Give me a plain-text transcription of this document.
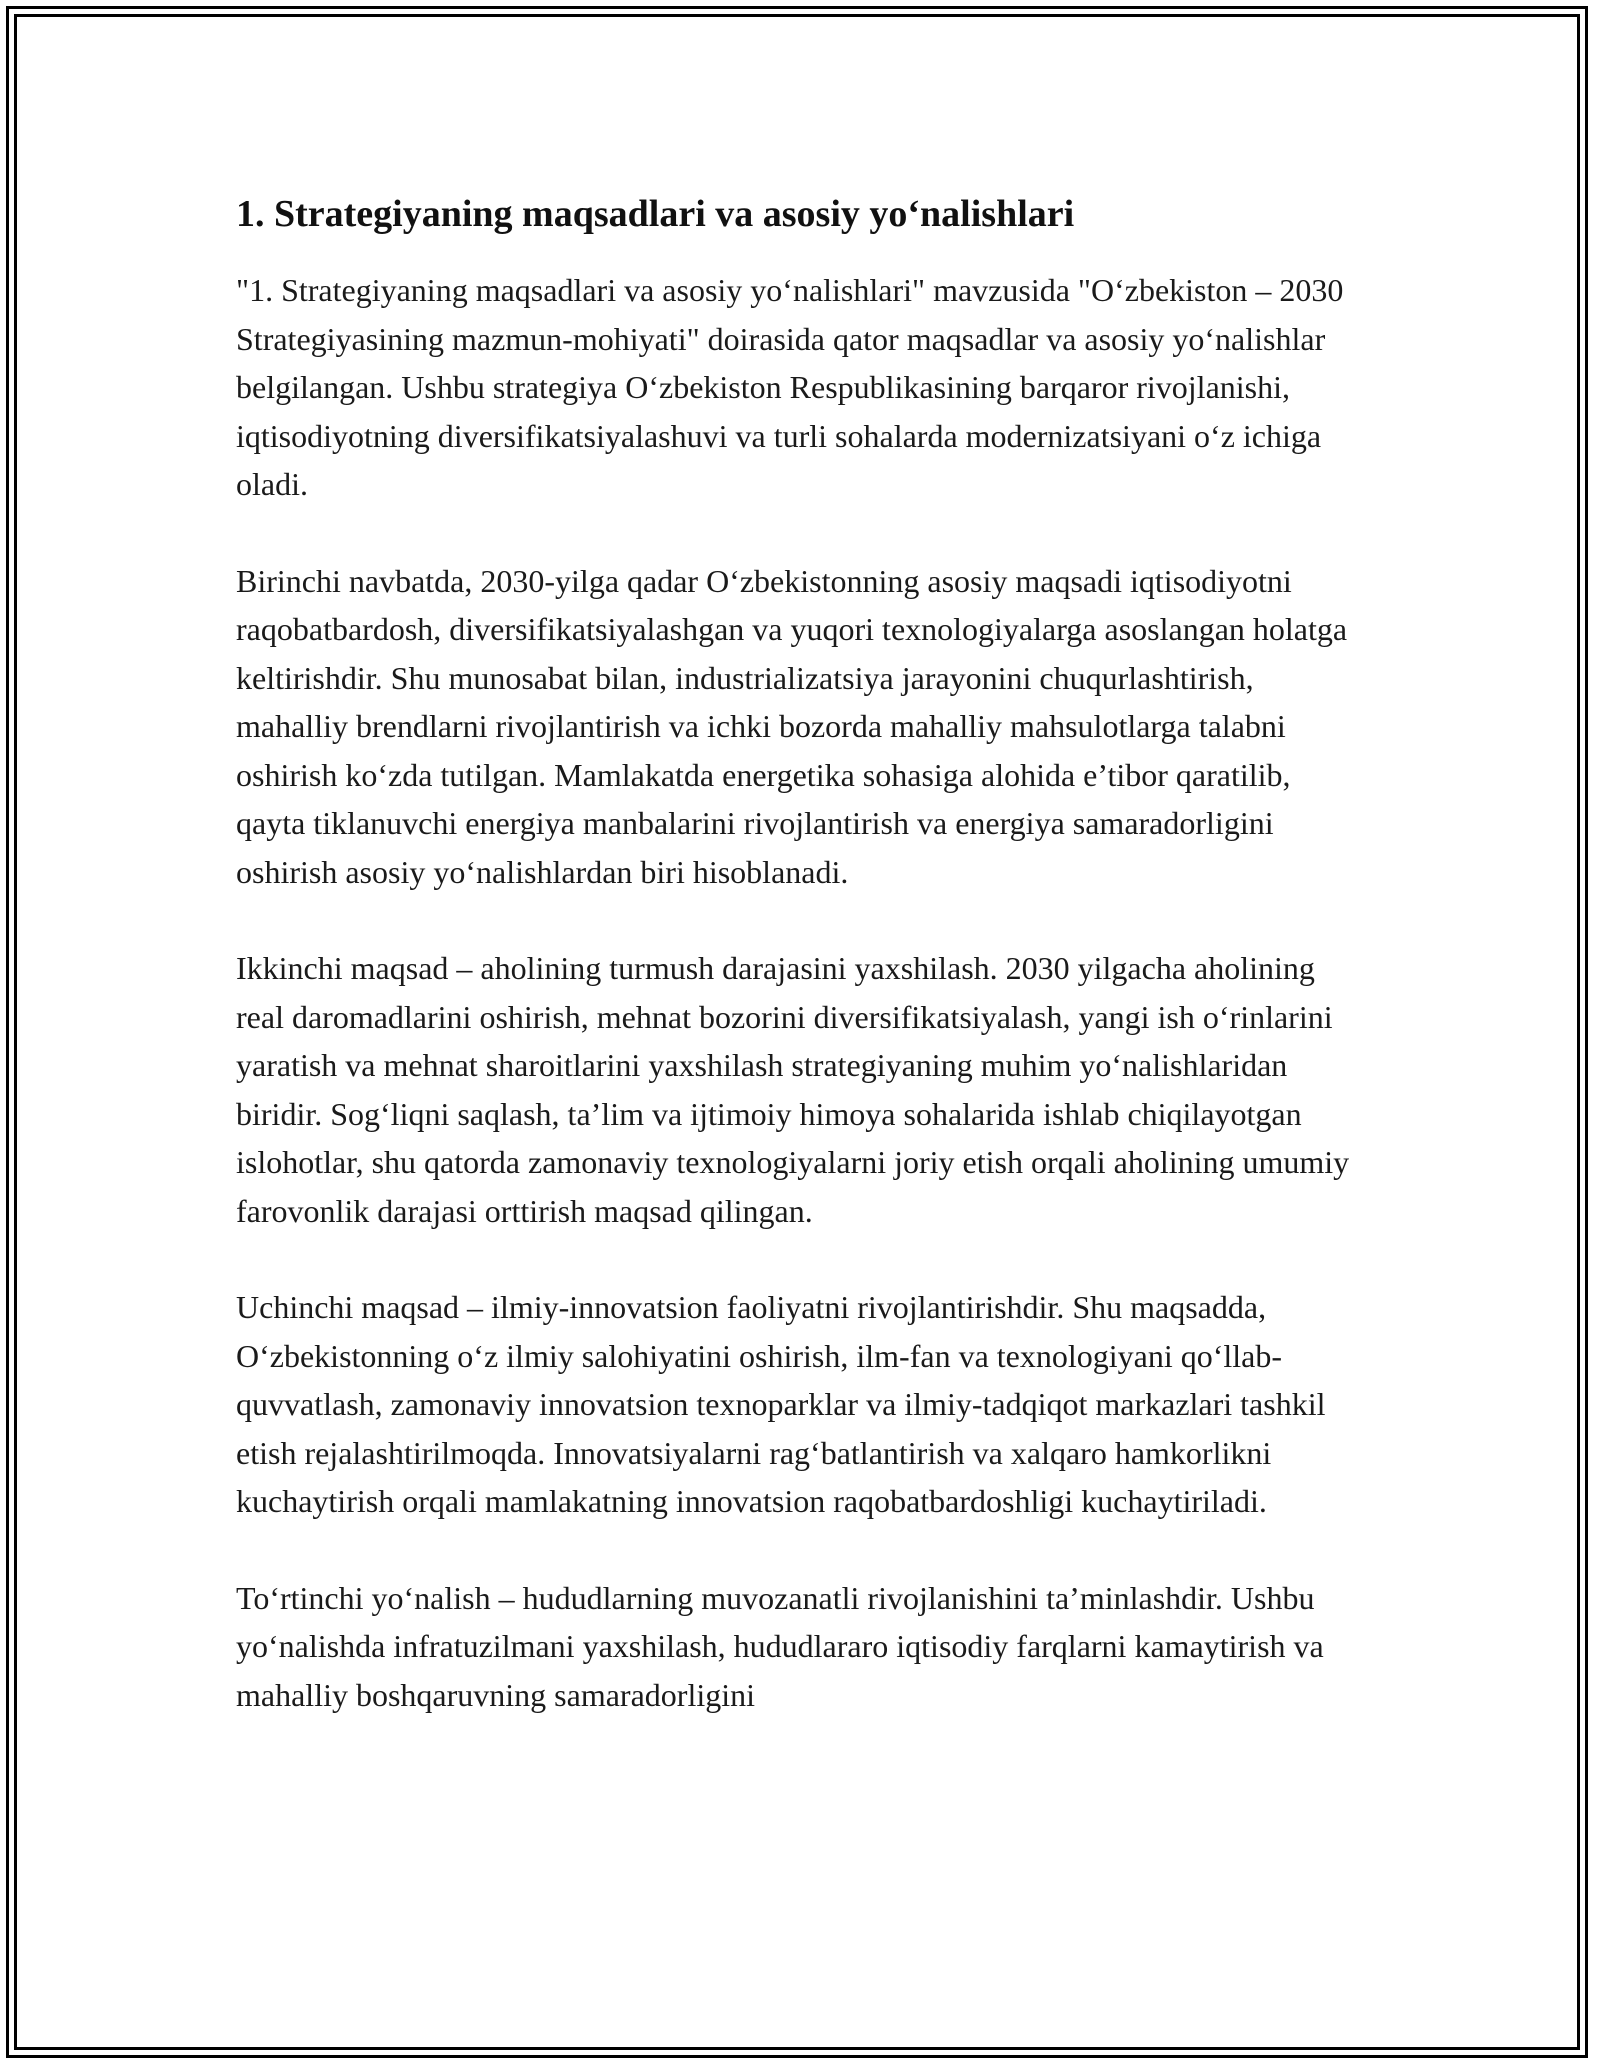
1. Strategiyaning maqsadlari va asosiy yo‘nalishlari

"1. Strategiyaning maqsadlari va asosiy yo‘nalishlari" mavzusida "O‘zbekiston – 2030 Strategiyasining mazmun-mohiyati" doirasida qator maqsadlar va asosiy yo‘nalishlar belgilangan. Ushbu strategiya O‘zbekiston Respublikasining barqaror rivojlanishi, iqtisodiyotning diversifikatsiyalashuvi va turli sohalarda modernizatsiyani o‘z ichiga oladi.

Birinchi navbatda, 2030-yilga qadar O‘zbekistonning asosiy maqsadi iqtisodiyotni raqobatbardosh, diversifikatsiyalashgan va yuqori texnologiyalarga asoslangan holatga keltirishdir. Shu munosabat bilan, industrializatsiya jarayonini chuqurlashtirish, mahalliy brendlarni rivojlantirish va ichki bozorda mahalliy mahsulotlarga talabni oshirish ko‘zda tutilgan. Mamlakatda energetika sohasiga alohida e’tibor qaratilib, qayta tiklanuvchi energiya manbalarini rivojlantirish va energiya samaradorligini oshirish asosiy yo‘nalishlardan biri hisoblanadi.

Ikkinchi maqsad – aholining turmush darajasini yaxshilash. 2030 yilgacha aholining real daromadlarini oshirish, mehnat bozorini diversifikatsiyalash, yangi ish o‘rinlarini yaratish va mehnat sharoitlarini yaxshilash strategiyaning muhim yo‘nalishlaridan biridir. Sog‘liqni saqlash, ta’lim va ijtimoiy himoya sohalarida ishlab chiqilayotgan islohotlar, shu qatorda zamonaviy texnologiyalarni joriy etish orqali aholining umumiy farovonlik darajasi orttirish maqsad qilingan.

Uchinchi maqsad – ilmiy-innovatsion faoliyatni rivojlantirishdir. Shu maqsadda, O‘zbekistonning o‘z ilmiy salohiyatini oshirish, ilm-fan va texnologiyani qo‘llab-quvvatlash, zamonaviy innovatsion texnoparklar va ilmiy-tadqiqot markazlari tashkil etish rejalashtirilmoqda. Innovatsiyalarni rag‘batlantirish va xalqaro hamkorlikni kuchaytirish orqali mamlakatning innovatsion raqobatbardoshligi kuchaytiriladi.

To‘rtinchi yo‘nalish – hududlarning muvozanatli rivojlanishini ta’minlashdir. Ushbu yo‘nalishda infratuzilmani yaxshilash, hududlararo iqtisodiy farqlarni kamaytirish va mahalliy boshqaruvning samaradorligini
